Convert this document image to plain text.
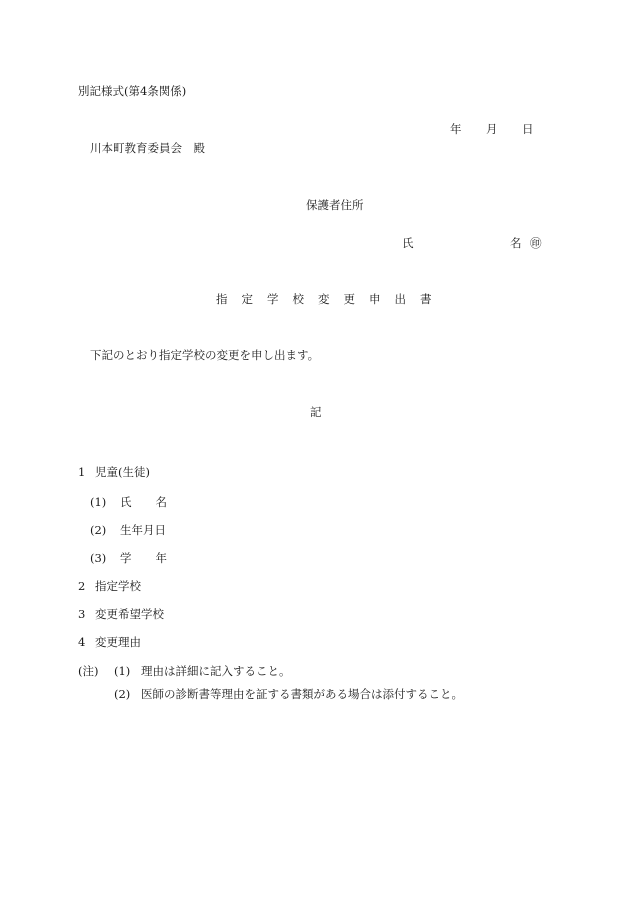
別記様式(第4条関係)
年 月 日
川本町教育委員会　殿
保護者住所
氏	名 ㊞
指定学校変更申出書
下記のとおり指定学校の変更を申し出ます。
記
1 児童(生徒)
(1) 氏 名
(2) 生年月日
(3) 学 年
2 指定学校
3 変更希望学校
4 変更理由
(注) (1) 理由は詳細に記入すること。
(2) 医師の診断書等理由を証する書類がある場合は添付すること。
